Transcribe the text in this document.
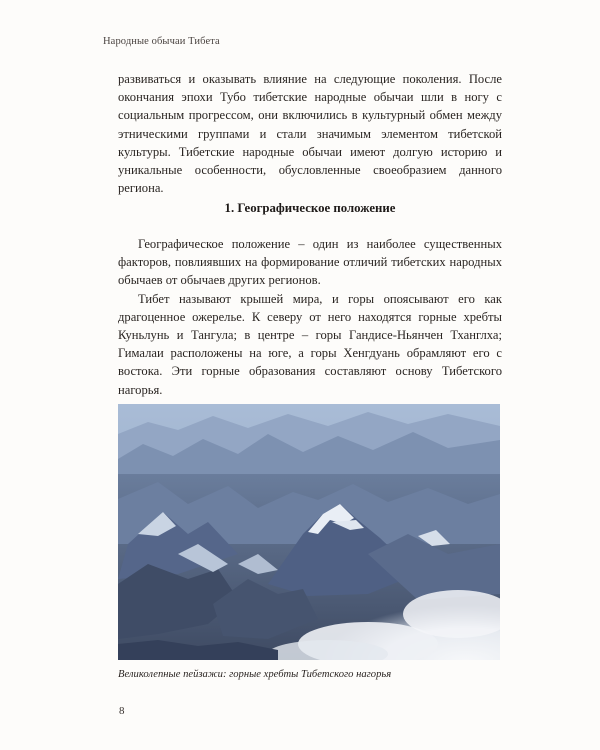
Народные обычаи Тибета

развиваться и оказывать влияние на следующие поколения. После окончания эпохи Тубо тибетские народные обычаи шли в ногу с социальным прогрессом, они включились в культурный обмен между этническими группами и стали значимым элементом тибетской культуры. Тибетские народные обычаи имеют долгую историю и уникальные особенности, обусловленные своеобразием данного региона.

1. Географическое положение

Географическое положение – один из наиболее существенных факторов, повлиявших на формирование отличий тибетских народных обычаев от обычаев других регионов.

Тибет называют крышей мира, и горы опоясывают его как драгоценное ожерелье. К северу от него находятся горные хребты Куньлунь и Тангула; в центре – горы Гандисе-Ньянчен Тханглха; Гималаи расположены на юге, а горы Хенгдуань обрамляют его с востока. Эти горные образования составляют основу Тибетского нагорья.

Великолепные пейзажи: горные хребты Тибетского нагорья
8
